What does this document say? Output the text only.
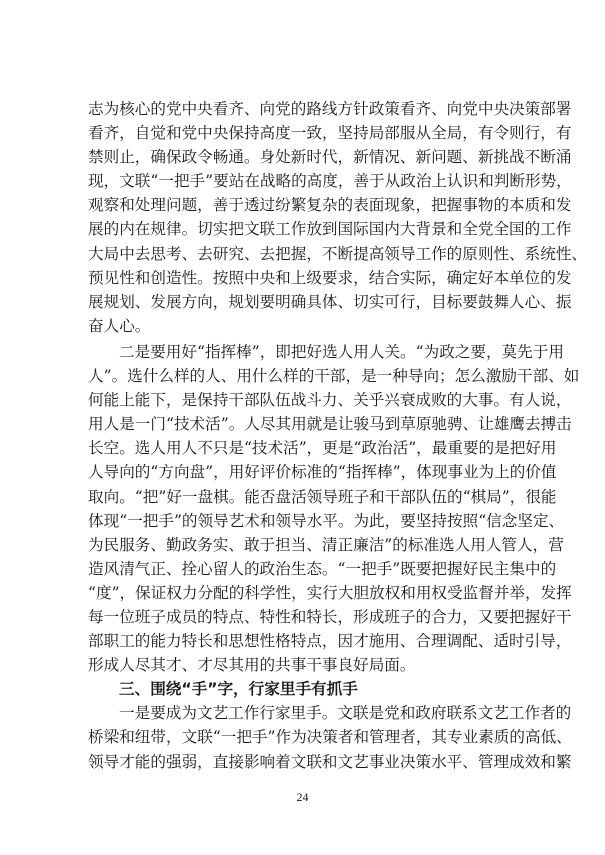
志为核心的党中央看齐、向党的路线方针政策看齐、向党中央决策部署

看齐，自觉和党中央保持高度一致，坚持局部服从全局，有令则行，有

禁则止，确保政令畅通。身处新时代，新情况、新问题、新挑战不断涌

现，文联“一把手”要站在战略的高度，善于从政治上认识和判断形势，

观察和处理问题，善于透过纷繁复杂的表面现象，把握事物的本质和发

展的内在规律。切实把文联工作放到国际国内大背景和全党全国的工作

大局中去思考、去研究、去把握，不断提高领导工作的原则性、系统性、

预见性和创造性。按照中央和上级要求，结合实际，确定好本单位的发

展规划、发展方向，规划要明确具体、切实可行，目标要鼓舞人心、振

奋人心。

二是要用好“指挥棒”，即把好选人用人关。“为政之要，莫先于用

人”。选什么样的人、用什么样的干部，是一种导向；怎么激励干部、如

何能上能下，是保持干部队伍战斗力、关乎兴衰成败的大事。有人说，

用人是一门“技术活”。人尽其用就是让骏马到草原驰骋、让雄鹰去搏击

长空。选人用人不只是“技术活”，更是“政治活”，最重要的是把好用

人导向的“方向盘”，用好评价标准的“指挥棒”，体现事业为上的价值

取向。“把”好一盘棋。能否盘活领导班子和干部队伍的“棋局”，很能

体现“一把手”的领导艺术和领导水平。为此，要坚持按照“信念坚定、

为民服务、勤政务实、敢于担当、清正廉洁”的标准选人用人管人，营

造风清气正、拴心留人的政治生态。“一把手”既要把握好民主集中的

“度”，保证权力分配的科学性，实行大胆放权和用权受监督并举，发挥

每一位班子成员的特点、特性和特长，形成班子的合力，又要把握好干

部职工的能力特长和思想性格特点，因才施用、合理调配、适时引导，

形成人尽其才、才尽其用的共事干事良好局面。

三、围绕“手”字，行家里手有抓手

一是要成为文艺工作行家里手。文联是党和政府联系文艺工作者的

桥梁和纽带，文联“一把手”作为决策者和管理者，其专业素质的高低、

领导才能的强弱，直接影响着文联和文艺事业决策水平、管理成效和繁

24
